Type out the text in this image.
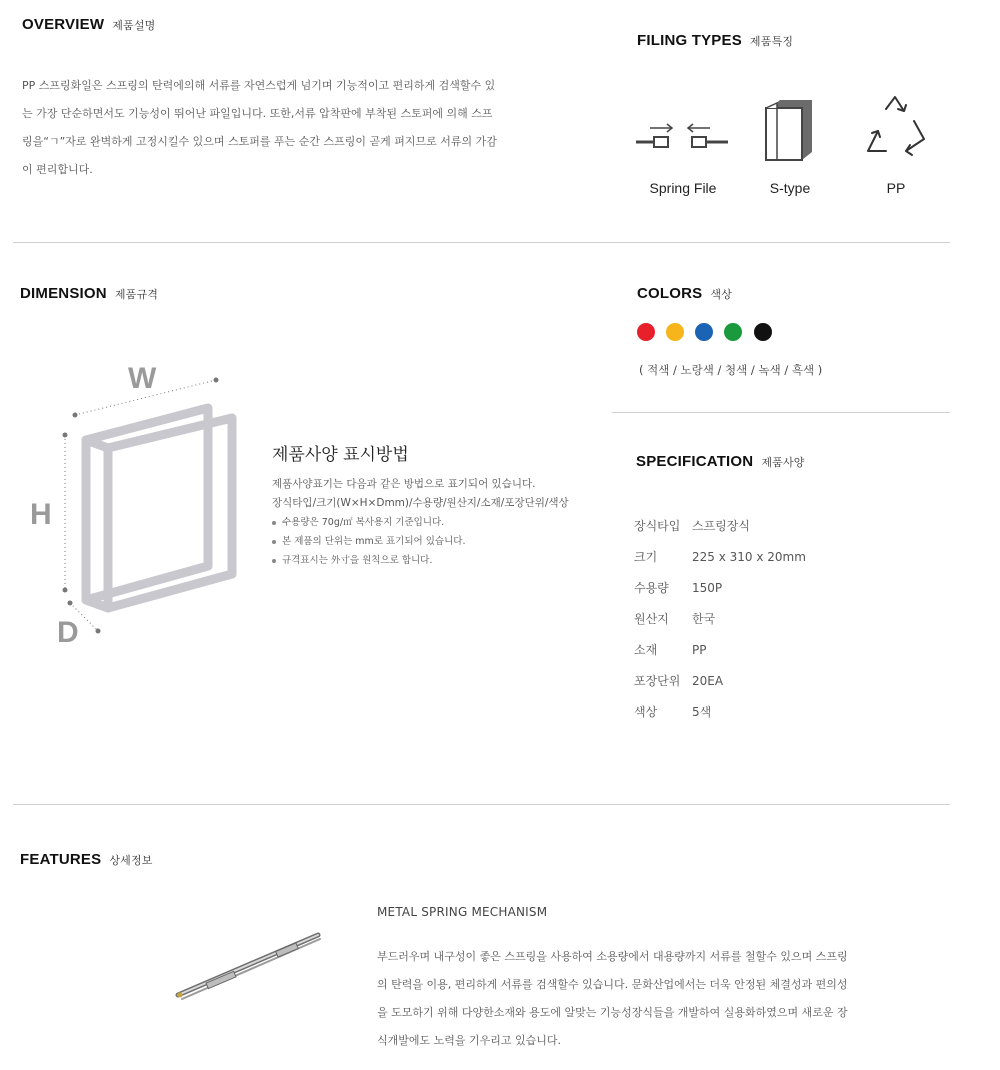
OVERVIEW 제품설명
PP 스프링화일은 스프링의 탄력에의해 서류를 자연스럽게 넘기며 기능적이고 편리하게 검색할수 있
는 가장 단순하면서도 기능성이 뛰어난 파일입니다. 또한,서류 압착판에 부착된 스토퍼에 의해 스프
링을“ㄱ”자로 완벽하게 고정시킬수 있으며 스토퍼를 푸는 순간 스프링이 곧게 펴지므로 서류의 가감
이 편리합니다.
FILING TYPES 제품특징
Spring File	S-type	PP
DIMENSION 제품규격
W
H
D
제품사양 표시방법
제품사양표기는 다음과 같은 방법으로 표기되어 있습니다.
장식타입/크기(W×H×Dmm)/수용량/원산지/소재/포장단위/색상
수용량은 70g/㎡ 복사용지 기준입니다.
본 제품의 단위는 mm로 표기되어 있습니다.
규격표시는 外寸을 원칙으로 합니다.
COLORS 색상
( 적색 / 노랑색 / 청색 / 녹색 / 흑색 )
SPECIFICATION 제품사양
장식타입 스프링장식
크기	225 x 310 x 20mm
수용량 150P
원산지 한국
소재	PP
포장단위 20EA
색상	5색
FEATURES 상세정보
METAL SPRING MECHANISM
부드러우며 내구성이 좋은 스프링을 사용하여 소용량에서 대용량까지 서류를 철할수 있으며 스프링
의 탄력을 이용, 편리하게 서류를 검색할수 있습니다. 문화산업에서는 더욱 안정된 체결성과 편의성
을 도모하기 위해 다양한소재와 용도에 알맞는 기능성장식들을 개발하여 실용화하였으며 새로운 장
식개발에도 노력을 기우리고 있습니다.
